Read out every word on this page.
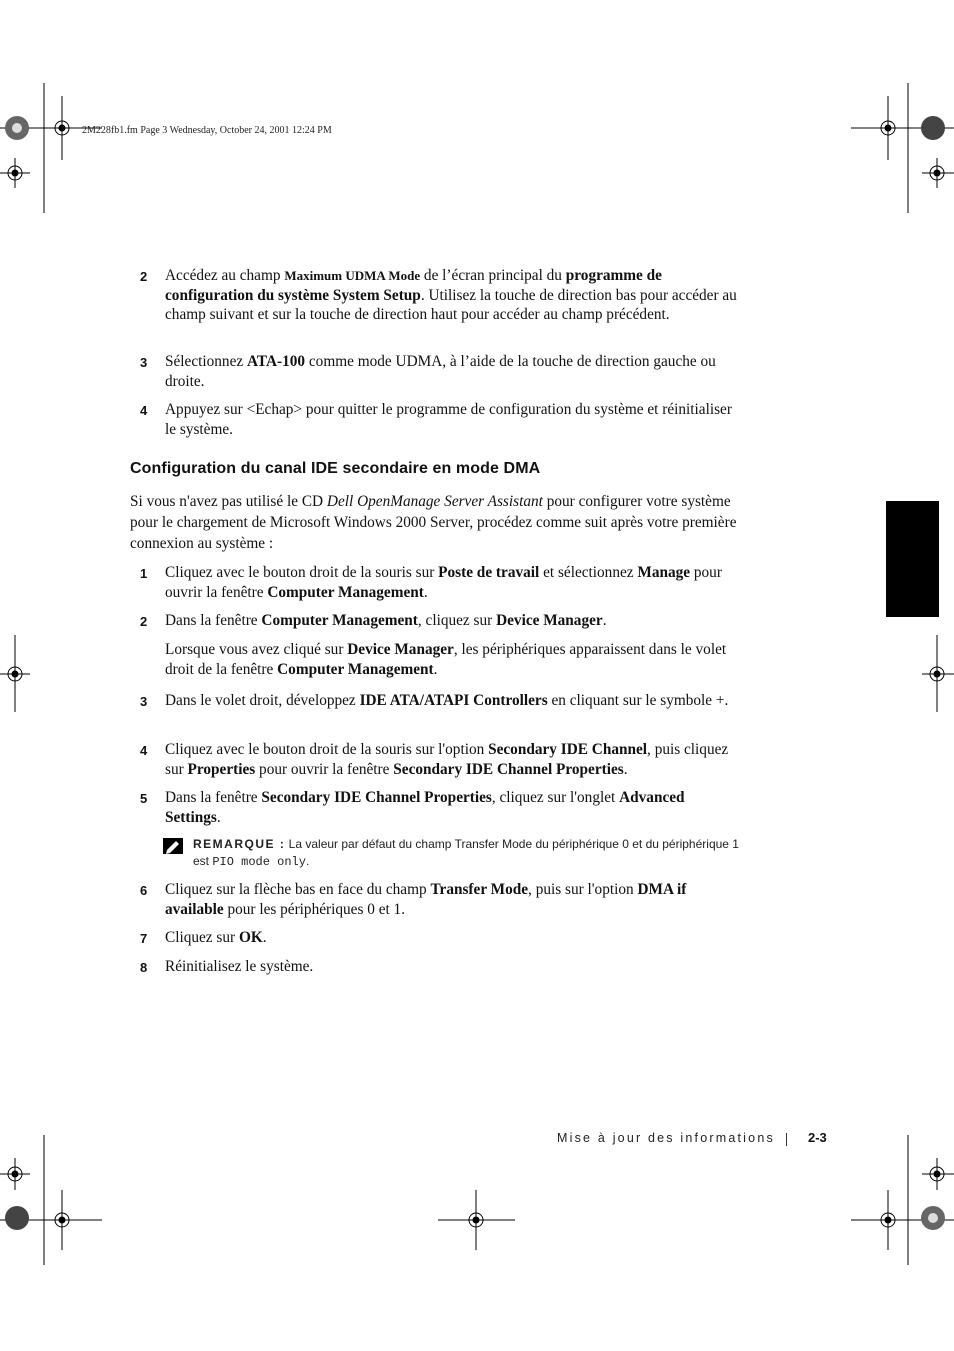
2M228fb1.fm Page 3 Wednesday, October 24, 2001 12:24 PM
2 Accédez au champ Maximum UDMA Mode de l’écran principal du programme de configuration du système System Setup. Utilisez la touche de direction bas pour accéder au champ suivant et sur la touche de direction haut pour accéder au champ précédent.
3 Sélectionnez ATA-100 comme mode UDMA, à l’aide de la touche de direction gauche ou droite.
4 Appuyez sur <Echap> pour quitter le programme de configuration du système et réinitialiser le système.
Configuration du canal IDE secondaire en mode DMA
Si vous n'avez pas utilisé le CD Dell OpenManage Server Assistant pour configurer votre système pour le chargement de Microsoft Windows 2000 Server, procédez comme suit après votre première connexion au système :
1 Cliquez avec le bouton droit de la souris sur Poste de travail et sélectionnez Manage pour ouvrir la fenêtre Computer Management.
2 Dans la fenêtre Computer Management, cliquez sur Device Manager.
3 Dans le volet droit, développez IDE ATA/ATAPI Controllers en cliquant sur le symbole +.
4 Cliquez avec le bouton droit de la souris sur l'option Secondary IDE Channel, puis cliquez sur Properties pour ouvrir la fenêtre Secondary IDE Channel Properties.
5 Dans la fenêtre Secondary IDE Channel Properties, cliquez sur l'onglet Advanced Settings.
6 Cliquez sur la flèche bas en face du champ Transfer Mode, puis sur l'option DMA if available pour les périphériques 0 et 1.
7 Cliquez sur OK.
8 Réinitialisez le système.
Lorsque vous avez cliqué sur Device Manager, les périphériques apparaissent dans le volet droit de la fenêtre Computer Management.
REMARQUE : La valeur par défaut du champ Transfer Mode du périphérique 0 et du périphérique 1 est PIO mode only.
Mise à jour des informations	2-3
